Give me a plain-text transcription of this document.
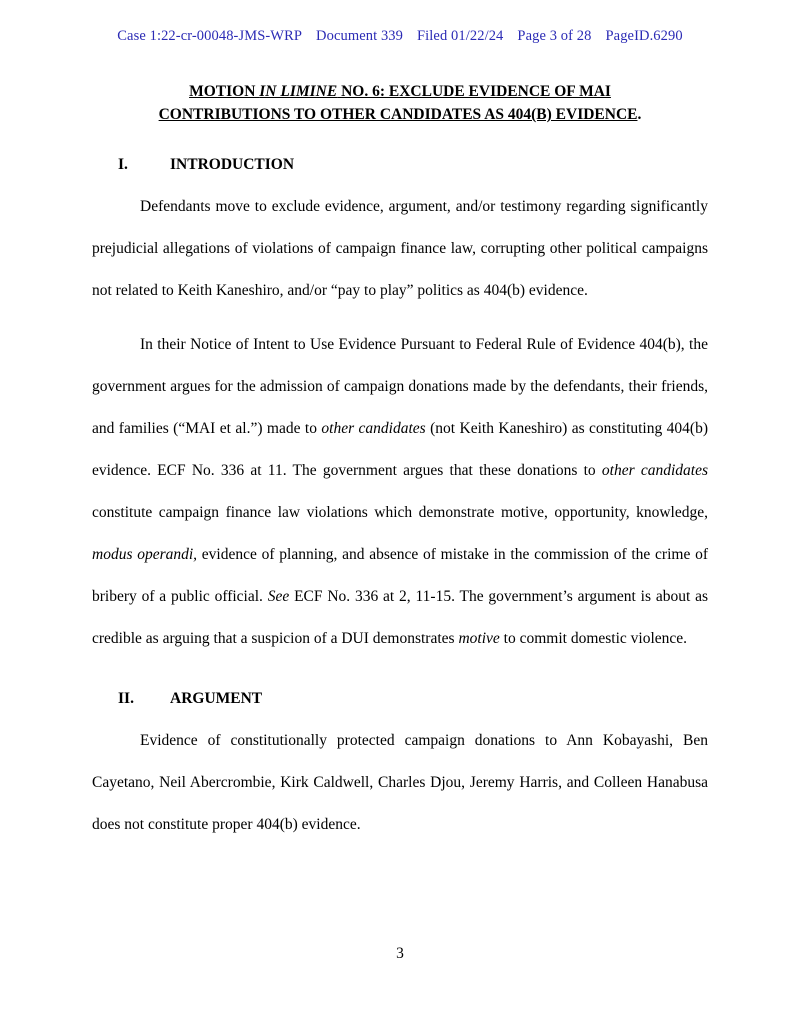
Case 1:22-cr-00048-JMS-WRP Document 339 Filed 01/22/24 Page 3 of 28 PageID.6290
MOTION IN LIMINE NO. 6: EXCLUDE EVIDENCE OF MAI
CONTRIBUTIONS TO OTHER CANDIDATES AS 404(B) EVIDENCE.
I.	INTRODUCTION

Defendants move to exclude evidence, argument, and/or testimony regarding significantly prejudicial allegations of violations of campaign finance law, corrupting other political campaigns not related to Keith Kaneshiro, and/or “pay to play” politics as 404(b) evidence.

In their Notice of Intent to Use Evidence Pursuant to Federal Rule of Evidence 404(b), the government argues for the admission of campaign donations made by the defendants, their friends, and families (“MAI et al.”) made to other candidates (not Keith Kaneshiro) as constituting 404(b) evidence. ECF No. 336 at 11. The government argues that these donations to other candidates constitute campaign finance law violations which demonstrate motive, opportunity, knowledge, modus operandi, evidence of planning, and absence of mistake in the commission of the crime of bribery of a public official. See ECF No. 336 at 2, 11-15. The government’s argument is about as credible as arguing that a suspicion of a DUI demonstrates motive to commit domestic violence.

II. ARGUMENT

Evidence of constitutionally protected campaign donations to Ann Kobayashi, Ben Cayetano, Neil Abercrombie, Kirk Caldwell, Charles Djou, Jeremy Harris, and Colleen Hanabusa does not constitute proper 404(b) evidence.

3
